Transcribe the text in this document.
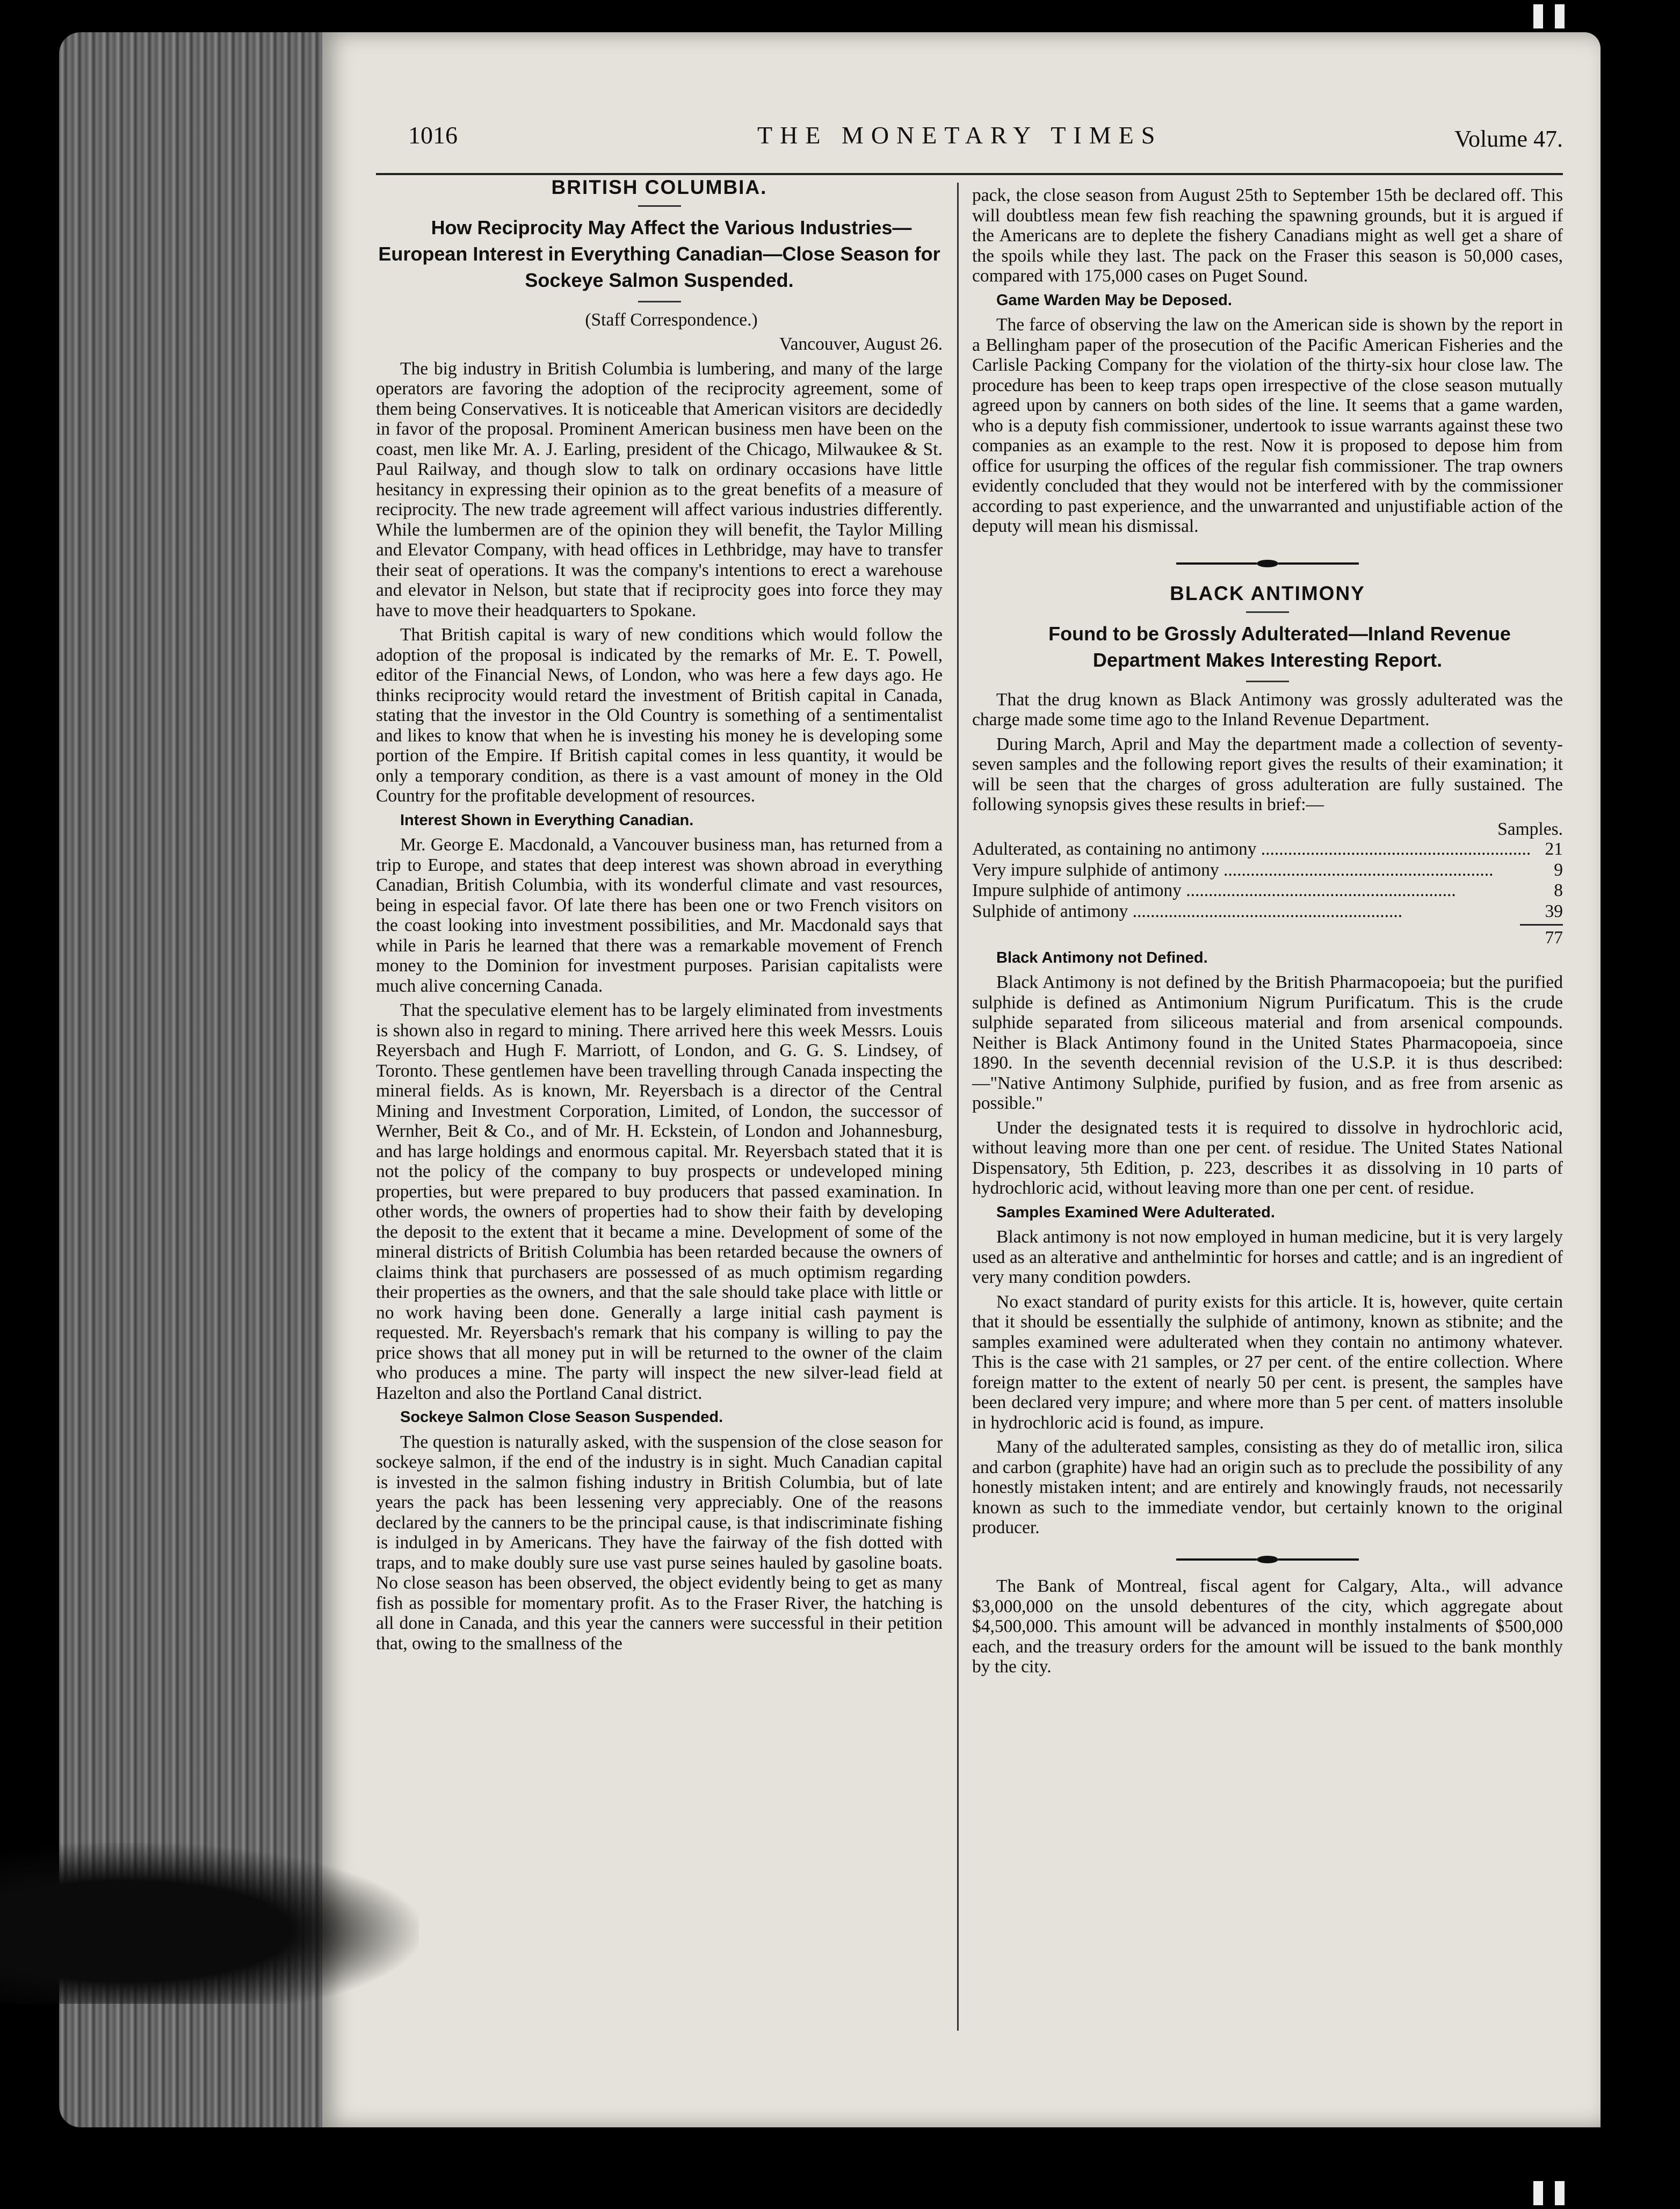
1016	THE MONETARY TIMES	Volume 47.
BRITISH COLUMBIA.

How Reciprocity May Affect the Various Industries—European Interest in Everything Canadian—Close Season for Sockeye Salmon Suspended.

(Staff Correspondence.)

Vancouver, August 26.

The big industry in British Columbia is lumbering, and many of the large operators are favoring the adoption of the reciprocity agreement, some of them being Conservatives. It is noticeable that American visitors are decidedly in favor of the proposal. Prominent American business men have been on the coast, men like Mr. A. J. Earling, president of the Chicago, Milwaukee & St. Paul Railway, and though slow to talk on ordinary occasions have little hesitancy in expressing their opinion as to the great benefits of a measure of reciprocity. The new trade agreement will affect various industries differently. While the lumbermen are of the opinion they will benefit, the Taylor Milling and Elevator Company, with head offices in Lethbridge, may have to transfer their seat of operations. It was the company's intentions to erect a warehouse and elevator in Nelson, but state that if reciprocity goes into force they may have to move their headquarters to Spokane.

That British capital is wary of new conditions which would follow the adoption of the proposal is indicated by the remarks of Mr. E. T. Powell, editor of the Financial News, of London, who was here a few days ago. He thinks reciprocity would retard the investment of British capital in Canada, stating that the investor in the Old Country is something of a sentimentalist and likes to know that when he is investing his money he is developing some portion of the Empire. If British capital comes in less quantity, it would be only a temporary condition, as there is a vast amount of money in the Old Country for the profitable development of resources.

Interest Shown in Everything Canadian.

Mr. George E. Macdonald, a Vancouver business man, has returned from a trip to Europe, and states that deep interest was shown abroad in everything Canadian, British Columbia, with its wonderful climate and vast resources, being in especial favor. Of late there has been one or two French visitors on the coast looking into investment possibilities, and Mr. Macdonald says that while in Paris he learned that there was a remarkable movement of French money to the Dominion for investment purposes. Parisian capitalists were much alive concerning Canada.

That the speculative element has to be largely eliminated from investments is shown also in regard to mining. There arrived here this week Messrs. Louis Reyersbach and Hugh F. Marriott, of London, and G. G. S. Lindsey, of Toronto. These gentlemen have been travelling through Canada inspecting the mineral fields. As is known, Mr. Reyersbach is a director of the Central Mining and Investment Corporation, Limited, of London, the successor of Wernher, Beit & Co., and of Mr. H. Eckstein, of London and Johannesburg, and has large holdings and enormous capital. Mr. Reyersbach stated that it is not the policy of the company to buy prospects or undeveloped mining properties, but were prepared to buy producers that passed examination. In other words, the owners of properties had to show their faith by developing the deposit to the extent that it became a mine. Development of some of the mineral districts of British Columbia has been retarded because the owners of claims think that purchasers are possessed of as much optimism regarding their properties as the owners, and that the sale should take place with little or no work having been done. Generally a large initial cash payment is requested. Mr. Reyersbach's remark that his company is willing to pay the price shows that all money put in will be returned to the owner of the claim who produces a mine. The party will inspect the new silver-lead field at Hazelton and also the Portland Canal district.

Sockeye Salmon Close Season Suspended.

The question is naturally asked, with the suspension of the close season for sockeye salmon, if the end of the industry is in sight. Much Canadian capital is invested in the salmon fishing industry in British Columbia, but of late years the pack has been lessening very appreciably. One of the reasons declared by the canners to be the principal cause, is that indiscriminate fishing is indulged in by Americans. They have the fairway of the fish dotted with traps, and to make doubly sure use vast purse seines hauled by gasoline boats. No close season has been observed, the object evidently being to get as many fish as possible for momentary profit. As to the Fraser River, the hatching is all done in Canada, and this year the canners were successful in their petition that, owing to the smallness of the

pack, the close season from August 25th to September 15th be declared off. This will doubtless mean few fish reaching the spawning grounds, but it is argued if the Americans are to deplete the fishery Canadians might as well get a share of the spoils while they last. The pack on the Fraser this season is 50,000 cases, compared with 175,000 cases on Puget Sound.

Game Warden May be Deposed.

The farce of observing the law on the American side is shown by the report in a Bellingham paper of the prosecution of the Pacific American Fisheries and the Carlisle Packing Company for the violation of the thirty-six hour close law. The procedure has been to keep traps open irrespective of the close season mutually agreed upon by canners on both sides of the line. It seems that a game warden, who is a deputy fish commissioner, undertook to issue warrants against these two companies as an example to the rest. Now it is proposed to depose him from office for usurping the offices of the regular fish commissioner. The trap owners evidently concluded that they would not be interfered with by the commissioner according to past experience, and the unwarranted and unjustifiable action of the deputy will mean his dismissal.

BLACK ANTIMONY

Found to be Grossly Adulterated—Inland Revenue Department Makes Interesting Report.

That the drug known as Black Antimony was grossly adulterated was the charge made some time ago to the Inland Revenue Department.

During March, April and May the department made a collection of seventy-seven samples and the following report gives the results of their examination; it will be seen that the charges of gross adulteration are fully sustained. The following synopsis gives these results in brief:—

Samples.
Adulterated, as containing no antimony ............................................................	21
Very impure sulphide of antimony ............................................................	9
Impure sulphide of antimony ............................................................	8
Sulphide of antimony ............................................................	39
77

Black Antimony not Defined.

Black Antimony is not defined by the British Pharmacopoeia; but the purified sulphide is defined as Antimonium Nigrum Purificatum. This is the crude sulphide separated from siliceous material and from arsenical compounds. Neither is Black Antimony found in the United States Pharmacopoeia, since 1890. In the seventh decennial revision of the U.S.P. it is thus described:—"Native Antimony Sulphide, purified by fusion, and as free from arsenic as possible."

Under the designated tests it is required to dissolve in hydrochloric acid, without leaving more than one per cent. of residue. The United States National Dispensatory, 5th Edition, p. 223, describes it as dissolving in 10 parts of hydrochloric acid, without leaving more than one per cent. of residue.

Samples Examined Were Adulterated.

Black antimony is not now employed in human medicine, but it is very largely used as an alterative and anthelmintic for horses and cattle; and is an ingredient of very many condition powders.

No exact standard of purity exists for this article. It is, however, quite certain that it should be essentially the sulphide of antimony, known as stibnite; and the samples examined were adulterated when they contain no antimony whatever. This is the case with 21 samples, or 27 per cent. of the entire collection. Where foreign matter to the extent of nearly 50 per cent. is present, the samples have been declared very impure; and where more than 5 per cent. of matters insoluble in hydrochloric acid is found, as impure.

Many of the adulterated samples, consisting as they do of metallic iron, silica and carbon (graphite) have had an origin such as to preclude the possibility of any honestly mistaken intent; and are entirely and knowingly frauds, not necessarily known as such to the immediate vendor, but certainly known to the original producer.

The Bank of Montreal, fiscal agent for Calgary, Alta., will advance $3,000,000 on the unsold debentures of the city, which aggregate about $4,500,000. This amount will be advanced in monthly instalments of $500,000 each, and the treasury orders for the amount will be issued to the bank monthly by the city.
